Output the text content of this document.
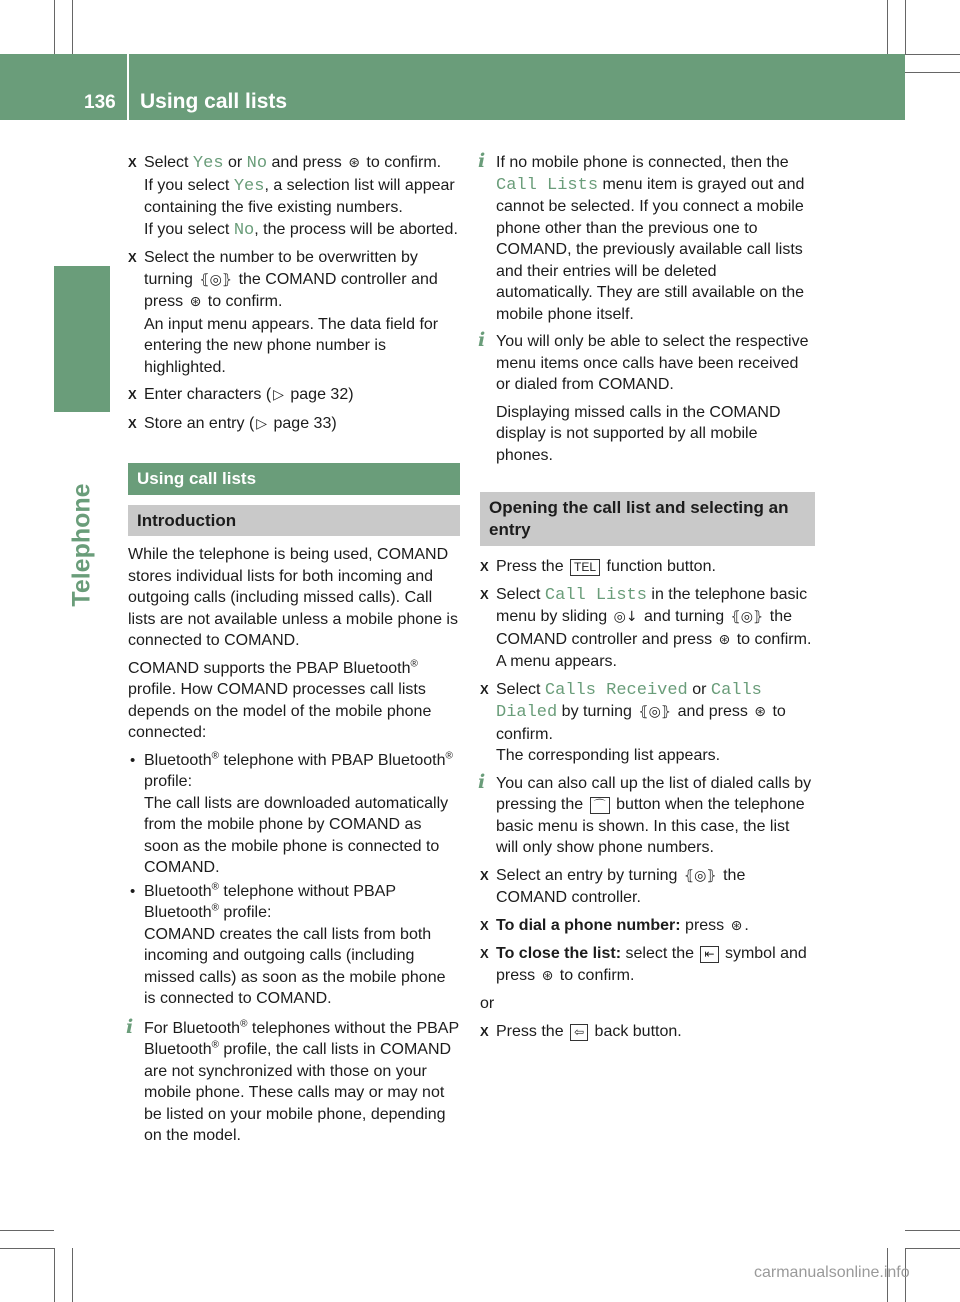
136 Using call lists
Telephone

X Select Yes or No and press ⊛ to confirm.

If you select Yes, a selection list will appear containing the five existing numbers.

If you select No, the process will be aborted.

X Select the number to be overwritten by turning ⦃◎⦄ the COMAND controller and press ⊛ to confirm.

An input menu appears. The data field for entering the new phone number is highlighted.

X Enter characters ( ▷ page 32)

X Store an entry ( ▷ page 33)

Using call lists
Introduction

While the telephone is being used, COMAND stores individual lists for both incoming and outgoing calls (including missed calls). Call lists are not available unless a mobile phone is connected to COMAND.

COMAND supports the PBAP Bluetooth® profile. How COMAND processes call lists depends on the model of the mobile phone connected:

• Bluetooth® telephone with PBAP Bluetooth® profile:

The call lists are downloaded automatically from the mobile phone by COMAND as soon as the mobile phone is connected to COMAND.

• Bluetooth® telephone without PBAP Bluetooth® profile:

COMAND creates the call lists from both incoming and outgoing calls (including missed calls) as soon as the mobile phone is connected to COMAND.

i For Bluetooth® telephones without the PBAP Bluetooth® profile, the call lists in COMAND are not synchronized with those on your mobile phone. These calls may or may not be listed on your mobile phone, depending on the model.

i If no mobile phone is connected, then the Call Lists menu item is grayed out and cannot be selected. If you connect a mobile phone other than the previous one to COMAND, the previously available call lists and their entries will be deleted automatically. They are still available on the mobile phone itself.

i You will only be able to select the respective menu items once calls have been received or dialed from COMAND.

Displaying missed calls in the COMAND display is not supported by all mobile phones.

Opening the call list and selecting an entry

X Press the TEL function button.

X Select Call Lists in the telephone basic menu by sliding ◎↓ and turning ⦃◎⦄ the COMAND controller and press ⊛ to confirm.

A menu appears.

X Select Calls Received or Calls Dialed by turning ⦃◎⦄ and press ⊛ to confirm.

The corresponding list appears.

i You can also call up the list of dialed calls by pressing the ⌒ button when the telephone basic menu is shown. In this case, the list will only show phone numbers.

X Select an entry by turning ⦃◎⦄ the COMAND controller.

X To dial a phone number: press ⊛ .

X To close the list: select the ⇤ symbol and press ⊛ to confirm.

or

X Press the ⇦ back button.

carmanualsonline.info
